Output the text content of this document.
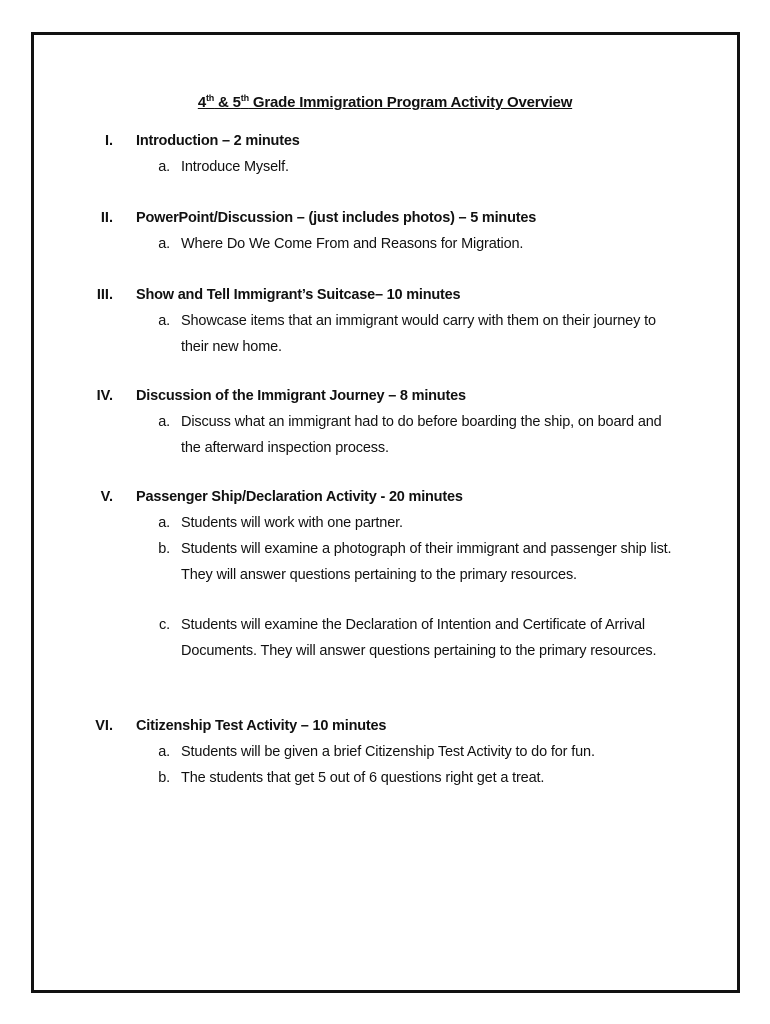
4th & 5th Grade Immigration Program Activity Overview
I. Introduction – 2 minutes
a. Introduce Myself.
II. PowerPoint/Discussion – (just includes photos) – 5 minutes
a. Where Do We Come From and Reasons for Migration.
III. Show and Tell Immigrant’s Suitcase– 10 minutes
a. Showcase items that an immigrant would carry with them on their journey to their new home.
IV. Discussion of the Immigrant Journey – 8 minutes
a. Discuss what an immigrant had to do before boarding the ship, on board and the afterward inspection process.
V. Passenger Ship/Declaration Activity - 20 minutes
a. Students will work with one partner.
b. Students will examine a photograph of their immigrant and passenger ship list. They will answer questions pertaining to the primary resources.
c. Students will examine the Declaration of Intention and Certificate of Arrival Documents. They will answer questions pertaining to the primary resources.
VI. Citizenship Test Activity – 10 minutes
a. Students will be given a brief Citizenship Test Activity to do for fun.
b. The students that get 5 out of 6 questions right get a treat.
